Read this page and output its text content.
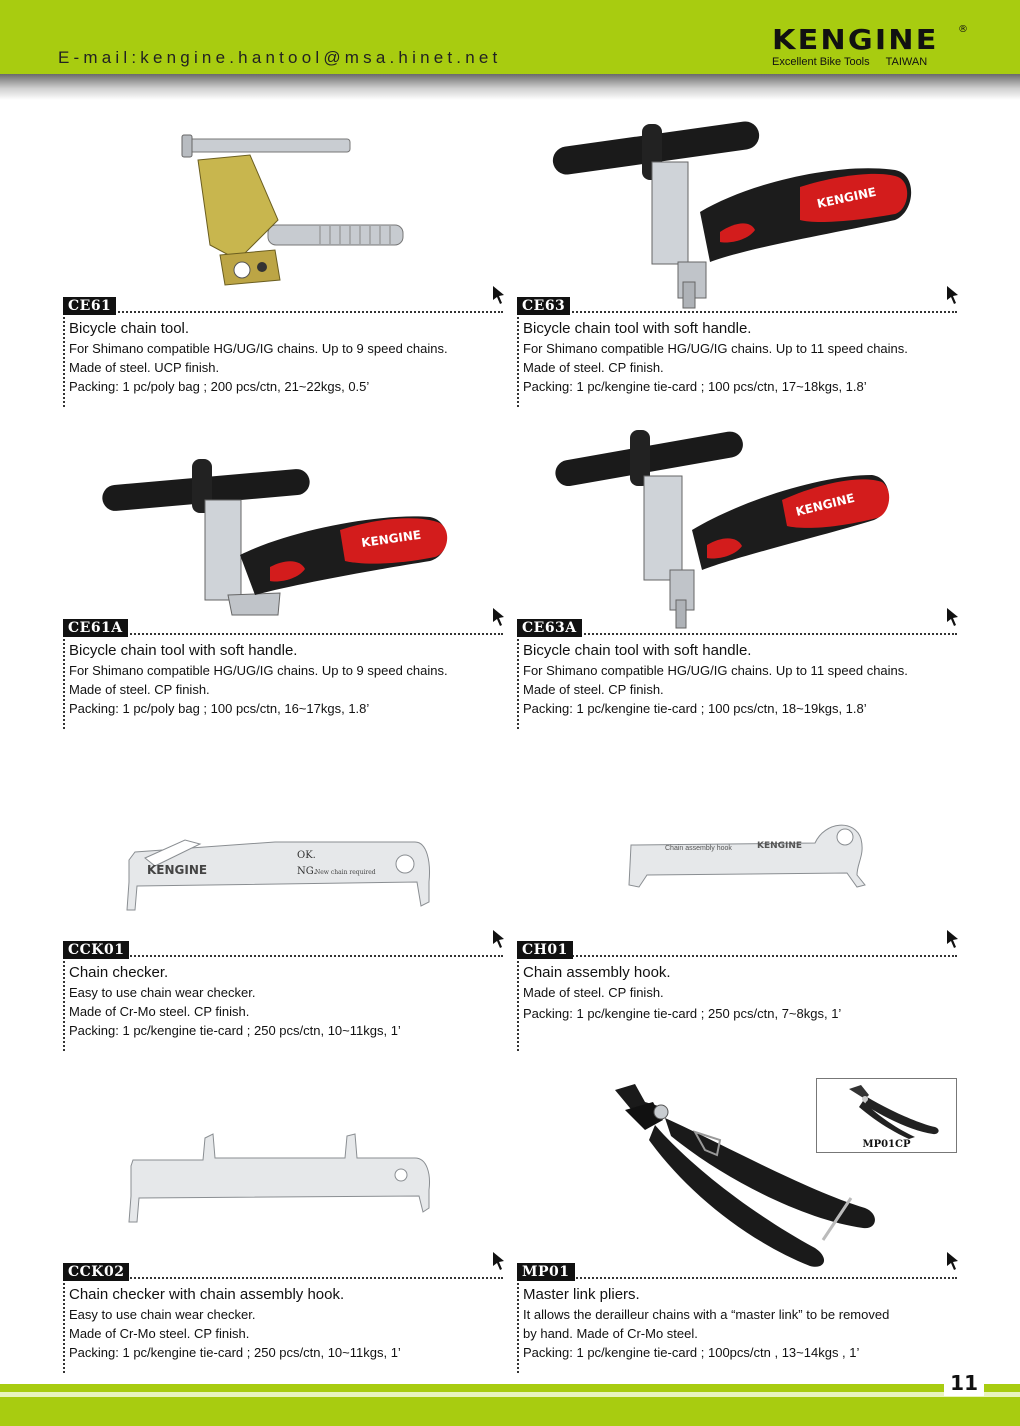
E-mail:kengine.hantool@msa.hinet.net
KENGINE	®
Excellent Bike Tools TAIWAN
KENGINE
KENGINE
KENGINE
KENGINE
OK.
NG.
New chain required
Chain assembly hook	KENGINE
MP01CP
CE61
Bicycle chain tool.
For Shimano compatible HG/UG/IG chains. Up to 9 speed chains.
Made of steel. UCP finish.
Packing: 1 pc/poly bag ; 200 pcs/ctn, 21~22kgs, 0.5’
CE63
Bicycle chain tool with soft handle.
For Shimano compatible HG/UG/IG chains. Up to 11 speed chains.
Made of steel. CP finish.
Packing: 1 pc/kengine tie-card ; 100 pcs/ctn, 17~18kgs, 1.8’
CE61A
Bicycle chain tool with soft handle.
For Shimano compatible HG/UG/IG chains. Up to 9 speed chains.
Made of steel. CP finish.
Packing: 1 pc/poly bag ; 100 pcs/ctn, 16~17kgs, 1.8’
CE63A
Bicycle chain tool with soft handle.
For Shimano compatible HG/UG/IG chains. Up to 11 speed chains.
Made of steel. CP finish.
Packing: 1 pc/kengine tie-card ; 100 pcs/ctn, 18~19kgs, 1.8’
CCK01
Chain checker.
Easy to use chain wear checker.
Made of Cr-Mo steel. CP finish.
Packing: 1 pc/kengine tie-card ; 250 pcs/ctn, 10~11kgs, 1’
CH01
Chain assembly hook.
Made of steel. CP finish.
Packing: 1 pc/kengine tie-card ; 250 pcs/ctn, 7~8kgs, 1’
CCK02
Chain checker with chain assembly hook.
Easy to use chain wear checker.
Made of Cr-Mo steel. CP finish.
Packing: 1 pc/kengine tie-card ; 250 pcs/ctn, 10~11kgs, 1’
MP01
Master link pliers.
It allows the derailleur chains with a “master link” to be removed
by hand. Made of Cr-Mo steel.
Packing: 1 pc/kengine tie-card ; 100pcs/ctn , 13~14kgs , 1’
11
